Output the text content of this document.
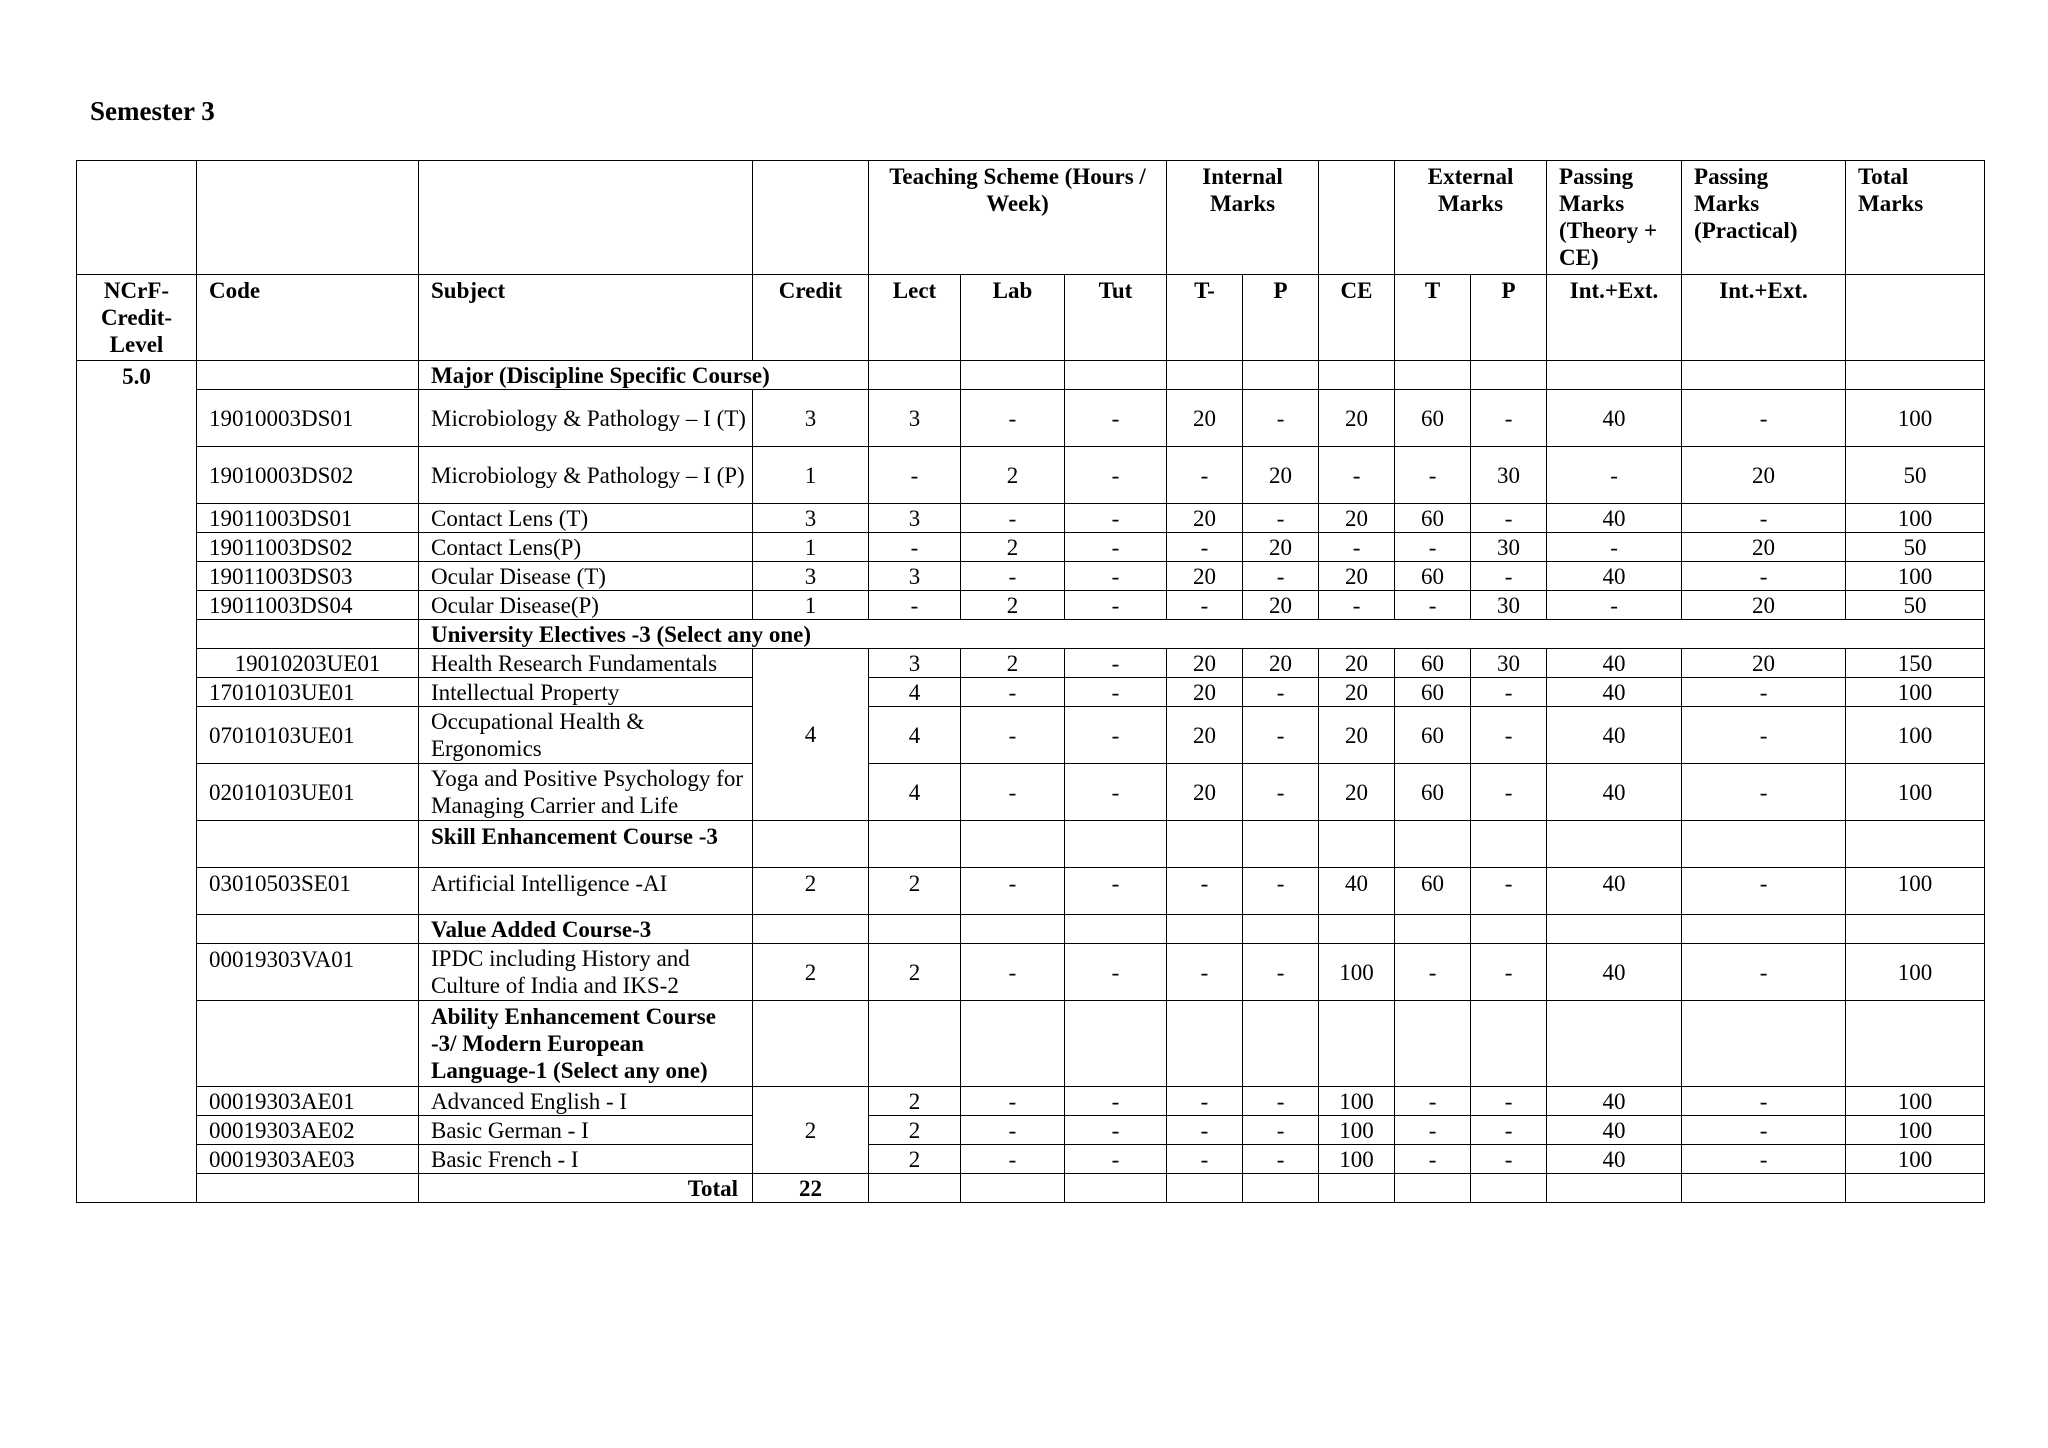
Semester 3
				Teaching Scheme (Hours / Week)			Internal Marks			External Marks		Passing Marks (Theory + CE)	Passing Marks (Practical)	Total Marks
NCrF-Credit-Level	Code	Subject	Credit	Lect	Lab	Tut	T-	P	CE	T	P	Int.+Ext.	Int.+Ext.	
5.0		Major (Discipline Specific Course)												
	19010003DS01	Microbiology & Pathology – I (T)	3	3	-	-	20	-	20	60	-	40	-	100
	19010003DS02	Microbiology & Pathology – I (P)	1	-	2	-	-	20	-	-	30	-	20	50
	19011003DS01	Contact Lens (T)	3	3	-	-	20	-	20	60	-	40	-	100
	19011003DS02	Contact Lens(P)	1	-	2	-	-	20	-	-	30	-	20	50
	19011003DS03	Ocular Disease (T)	3	3	-	-	20	-	20	60	-	40	-	100
	19011003DS04	Ocular Disease(P)	1	-	2	-	-	20	-	-	30	-	20	50
		University Electives -3 (Select any one)												
	19010203UE01	Health Research Fundamentals	4	3	2	-	20	20	20	60	30	40	20	150
	17010103UE01	Intellectual Property		4	-	-	20	-	20	60	-	40	-	100
	07010103UE01	Occupational Health & Ergonomics		4	-	-	20	-	20	60	-	40	-	100
	02010103UE01	Yoga and Positive Psychology for Managing Carrier and Life		4	-	-	20	-	20	60	-	40	-	100
		Skill Enhancement Course -3												
	03010503SE01	Artificial Intelligence -AI	2	2	-	-	-	-	40	60	-	40	-	100
		Value Added Course-3												
	00019303VA01	IPDC including History and Culture of India and IKS-2	2	2	-	-	-	-	100	-	-	40	-	100
		Ability Enhancement Course -3/ Modern European Language-1 (Select any one)												
	00019303AE01	Advanced English - I	2	2	-	-	-	-	100	-	-	40	-	100
	00019303AE02	Basic German - I		2	-	-	-	-	100	-	-	40	-	100
	00019303AE03	Basic French - I		2	-	-	-	-	100	-	-	40	-	100
		Total	22											
